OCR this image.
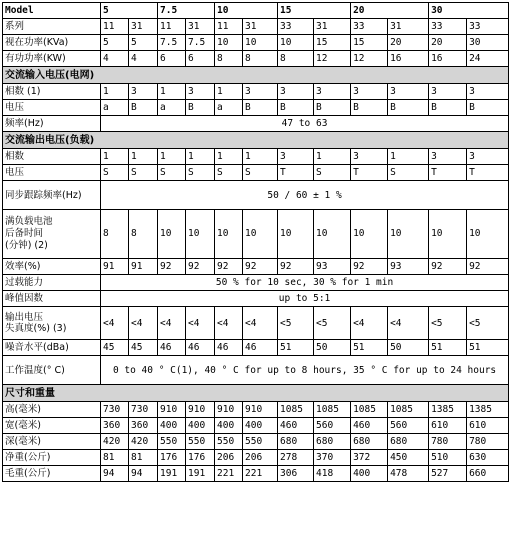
Model	5		7.5		10		15		20		30	
系列	11	31	11	31	11	31	33	31	33	31	33	33
视在功率(KVa)	5	5	7.5	7.5	10	10	10	15	15	20	20	30
有功功率(KW)	4	4	6	6	8	8	8	12	12	16	16	24
交流输入电压(电网)												
相数 (1)	1	3	1	3	1	3	3	3	3	3	3	3
电压	a	B	a	B	a	B	B	B	B	B	B	B
频率(Hz)	47 to 63											
交流输出电压(负载)												
相数	1	1	1	1	1	1	3	1	3	1	3	3
电压	S	S	S	S	S	S	T	S	T	S	T	T
同步跟踪频率(Hz)	50 / 60 ± 1 %											

满负载电池
后备时间
(分钟) (2)	8	8	10	10	10	10	10	10	10	10	10	10
效率(%)	91	91	92	92	92	92	92	93	92	93	92	92
过载能力	50 % for 10 sec, 30 % for 1 min											
峰值因数	up to 5:1											

输出电压
失真度(%) (3)	<4	<4	<4	<4	<4	<4	<5	<5	<4	<4	<5	<5
噪音水平(dBa)	45	45	46	46	46	46	51	50	51	50	51	51
工作温度(° C)	0 to 40 ° C(1), 40 ° C for up to 8 hours, 35 ° C for up to 24 hours											
尺寸和重量												
高(毫米)	730	730	910	910	910	910	1085	1085	1085	1085	1385	1385
宽(毫米)	360	360	400	400	400	400	460	560	460	560	610	610
深(毫米)	420	420	550	550	550	550	680	680	680	680	780	780
净重(公斤)	81	81	176	176	206	206	278	370	372	450	510	630
毛重(公斤)	94	94	191	191	221	221	306	418	400	478	527	660
